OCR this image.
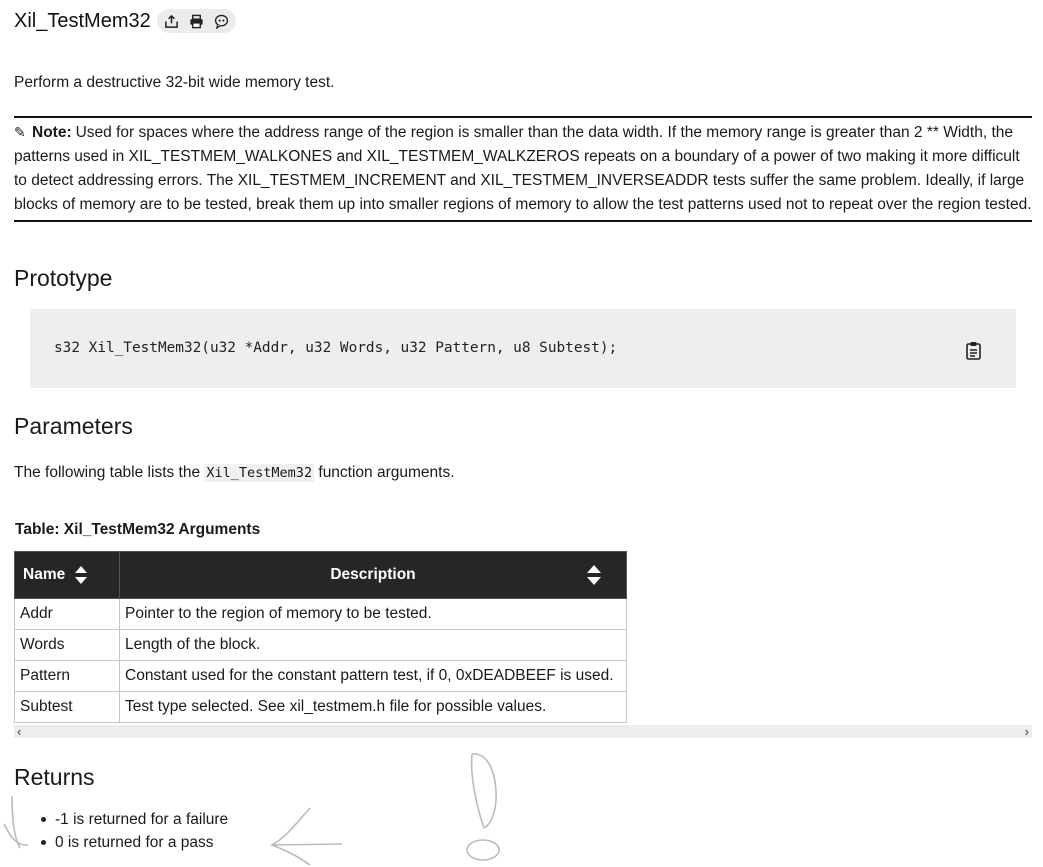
Xil_TestMem32
Perform a destructive 32-bit wide memory test.
✎ Note: Used for spaces where the address range of the region is smaller than the data width. If the memory range is greater than 2 ** Width, the patterns used in XIL_TESTMEM_WALKONES and XIL_TESTMEM_WALKZEROS repeats on a boundary of a power of two making it more difficult to detect addressing errors. The XIL_TESTMEM_INCREMENT and XIL_TESTMEM_INVERSEADDR tests suffer the same problem. Ideally, if large blocks of memory are to be tested, break them up into smaller regions of memory to allow the test patterns used not to repeat over the region tested.
Prototype
s32 Xil_TestMem32(u32 *Addr, u32 Words, u32 Pattern, u8 Subtest);
Parameters
The following table lists the Xil_TestMem32 function arguments.
Table: Xil_TestMem32 Arguments
Name	Description

Addr	Pointer to the region of memory to be tested.
Words	Length of the block.
Pattern	Constant used for the constant pattern test, if 0, 0xDEADBEEF is used.
Subtest	Test type selected. See xil_testmem.h file for possible values.
‹	›
Returns
-1 is returned for a failure
0 is returned for a pass
